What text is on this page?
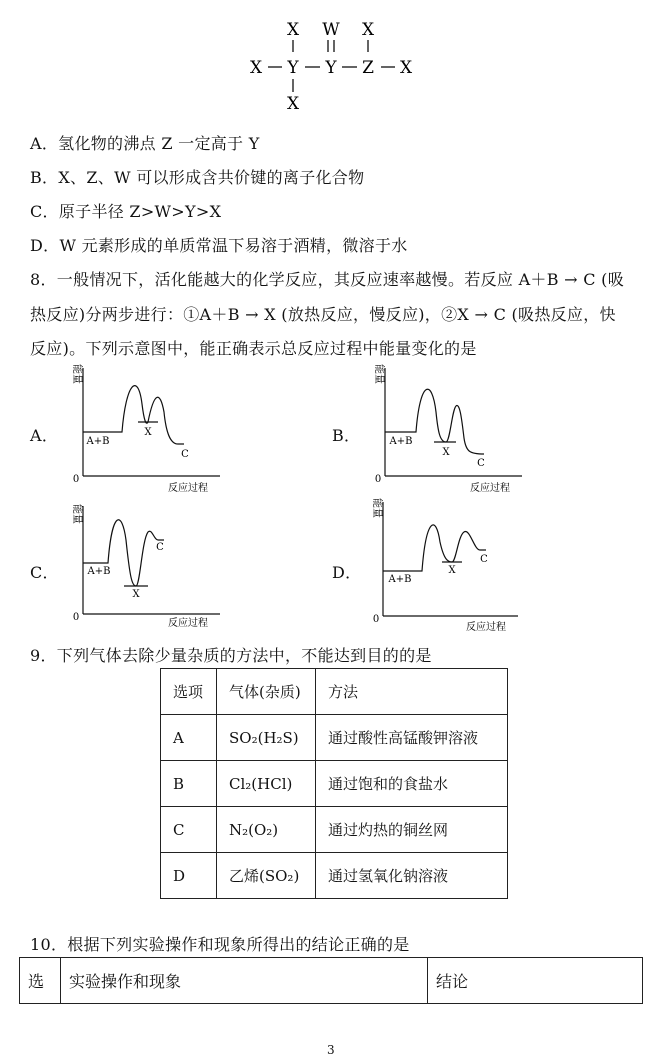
X W X
X Y Y Z X
X
A．氢化物的沸点 Z 一定高于 Y
B．X、Z、W 可以形成含共价键的离子化合物
C．原子半径 Z>W>Y>X
D．W 元素形成的单质常温下易溶于酒精，微溶于水
8．一般情况下，活化能越大的化学反应，其反应速率越慢。若反应 A＋B → C (吸
热反应)分两步进行：①A＋B → X (放热反应，慢反应)，②X → C (吸热反应，快
反应)。下列示意图中，能正确表示总反应过程中能量变化的是
A．
能量
0
A+B
X
C
反应过程
B．
能量
0
A+B
X
C
反应过程
C．
能量
0
A+B
X
C
反应过程
D．
能量
0
A+B
X
C
反应过程
9．下列气体去除少量杂质的方法中，不能达到目的的是
选项	气体(杂质)	方法
A	SO₂(H₂S)	通过酸性高锰酸钾溶液
B	Cl₂(HCl)	通过饱和的食盐水
C	N₂(O₂)	通过灼热的铜丝网
D	乙烯(SO₂)	通过氢氧化钠溶液
10．根据下列实验操作和现象所得出的结论正确的是
选	实验操作和现象	结论
3
